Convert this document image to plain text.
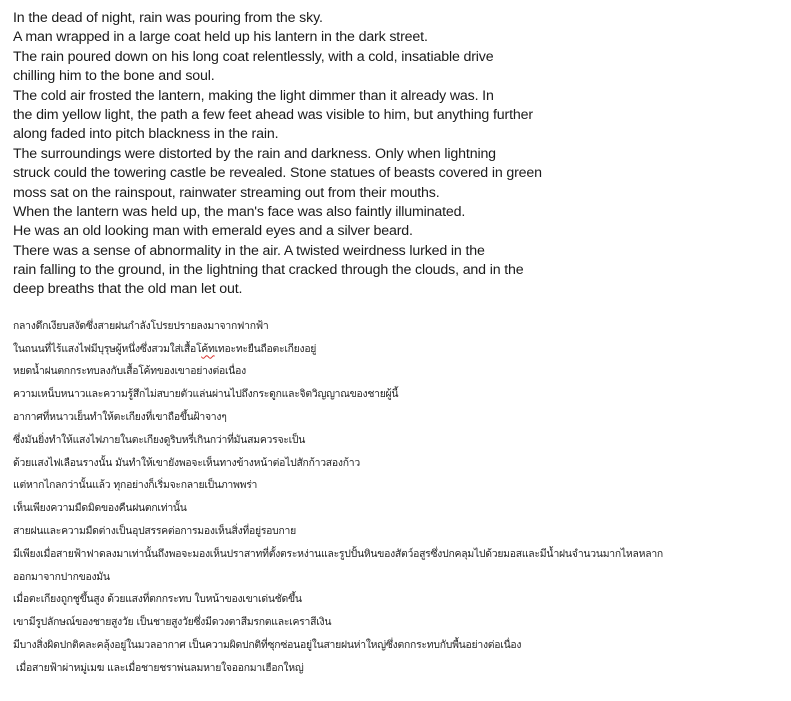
In the dead of night, rain was pouring from the sky.
A man wrapped in a large coat held up his lantern in the dark street.
The rain poured down on his long coat relentlessly, with a cold, insatiable drive
chilling him to the bone and soul.
The cold air frosted the lantern, making the light dimmer than it already was. In
the dim yellow light, the path a few feet ahead was visible to him, but anything further
along faded into pitch blackness in the rain.
The surroundings were distorted by the rain and darkness. Only when lightning
struck could the towering castle be revealed. Stone statues of beasts covered in green
moss sat on the rainspout, rainwater streaming out from their mouths.
When the lantern was held up, the man's face was also faintly illuminated.
He was an old looking man with emerald eyes and a silver beard.
There was a sense of abnormality in the air. A twisted weirdness lurked in the
rain falling to the ground, in the lightning that cracked through the clouds, and in the
deep breaths that the old man let out.
กลางดึกเงียบสงัดซึ่งสายฝนกำลังโปรยปรายลงมาจากฟากฟ้า
ในถนนที่ไร้แสงไฟมีบุรุษผู้หนึ่งซึ่งสวมใส่เสื้อโค้ทเทอะทะยืนถือตะเกียงอยู่
หยดน้ำฝนตกกระทบลงกับเสื้อโค้ทของเขาอย่างต่อเนื่อง
ความเหน็บหนาวและความรู้สึกไม่สบายตัวแล่นผ่านไปถึงกระดูกและจิตวิญญาณของชายผู้นี้
อากาศที่หนาวเย็นทำให้ตะเกียงที่เขาถือขึ้นฝ้าจางๆ
ซึ่งมันยิ่งทำให้แสงไฟภายในตะเกียงดูริบหรี่เกินกว่าที่มันสมควรจะเป็น
ด้วยแสงไฟเลือนรางนั้น มันทำให้เขายังพอจะเห็นทางข้างหน้าต่อไปสักก้าวสองก้าว
แต่หากไกลกว่านั้นแล้ว ทุกอย่างก็เริ่มจะกลายเป็นภาพพร่า
เห็นเพียงความมืดมิดของคืนฝนตกเท่านั้น
สายฝนและความมืดต่างเป็นอุปสรรคต่อการมองเห็นสิ่งที่อยู่รอบกาย
มีเพียงเมื่อสายฟ้าฟาดลงมาเท่านั้นถึงพอจะมองเห็นปราสาทที่ตั้งตระหง่านและรูปปั้นหินของสัตว์อสูรซึ่งปกคลุมไปด้วยมอสและมีน้ำฝนจำนวนมากไหลหลาก
ออกมาจากปากของมัน
เมื่อตะเกียงถูกชูขึ้นสูง ด้วยแสงที่ตกกระทบ ใบหน้าของเขาเด่นชัดขึ้น
เขามีรูปลักษณ์ของชายสูงวัย เป็นชายสูงวัยซึ่งมีดวงตาสีมรกตและเคราสีเงิน
มีบางสิ่งผิดปกติคละคลุ้งอยู่ในมวลอากาศ เป็นความผิดปกติที่ซุกซ่อนอยู่ในสายฝนห่าใหญ่ซึ่งตกกระทบกับพื้นอย่างต่อเนื่อง
เมื่อสายฟ้าผ่าหมู่เมฆ และเมื่อชายชราพ่นลมหายใจออกมาเฮือกใหญ่
